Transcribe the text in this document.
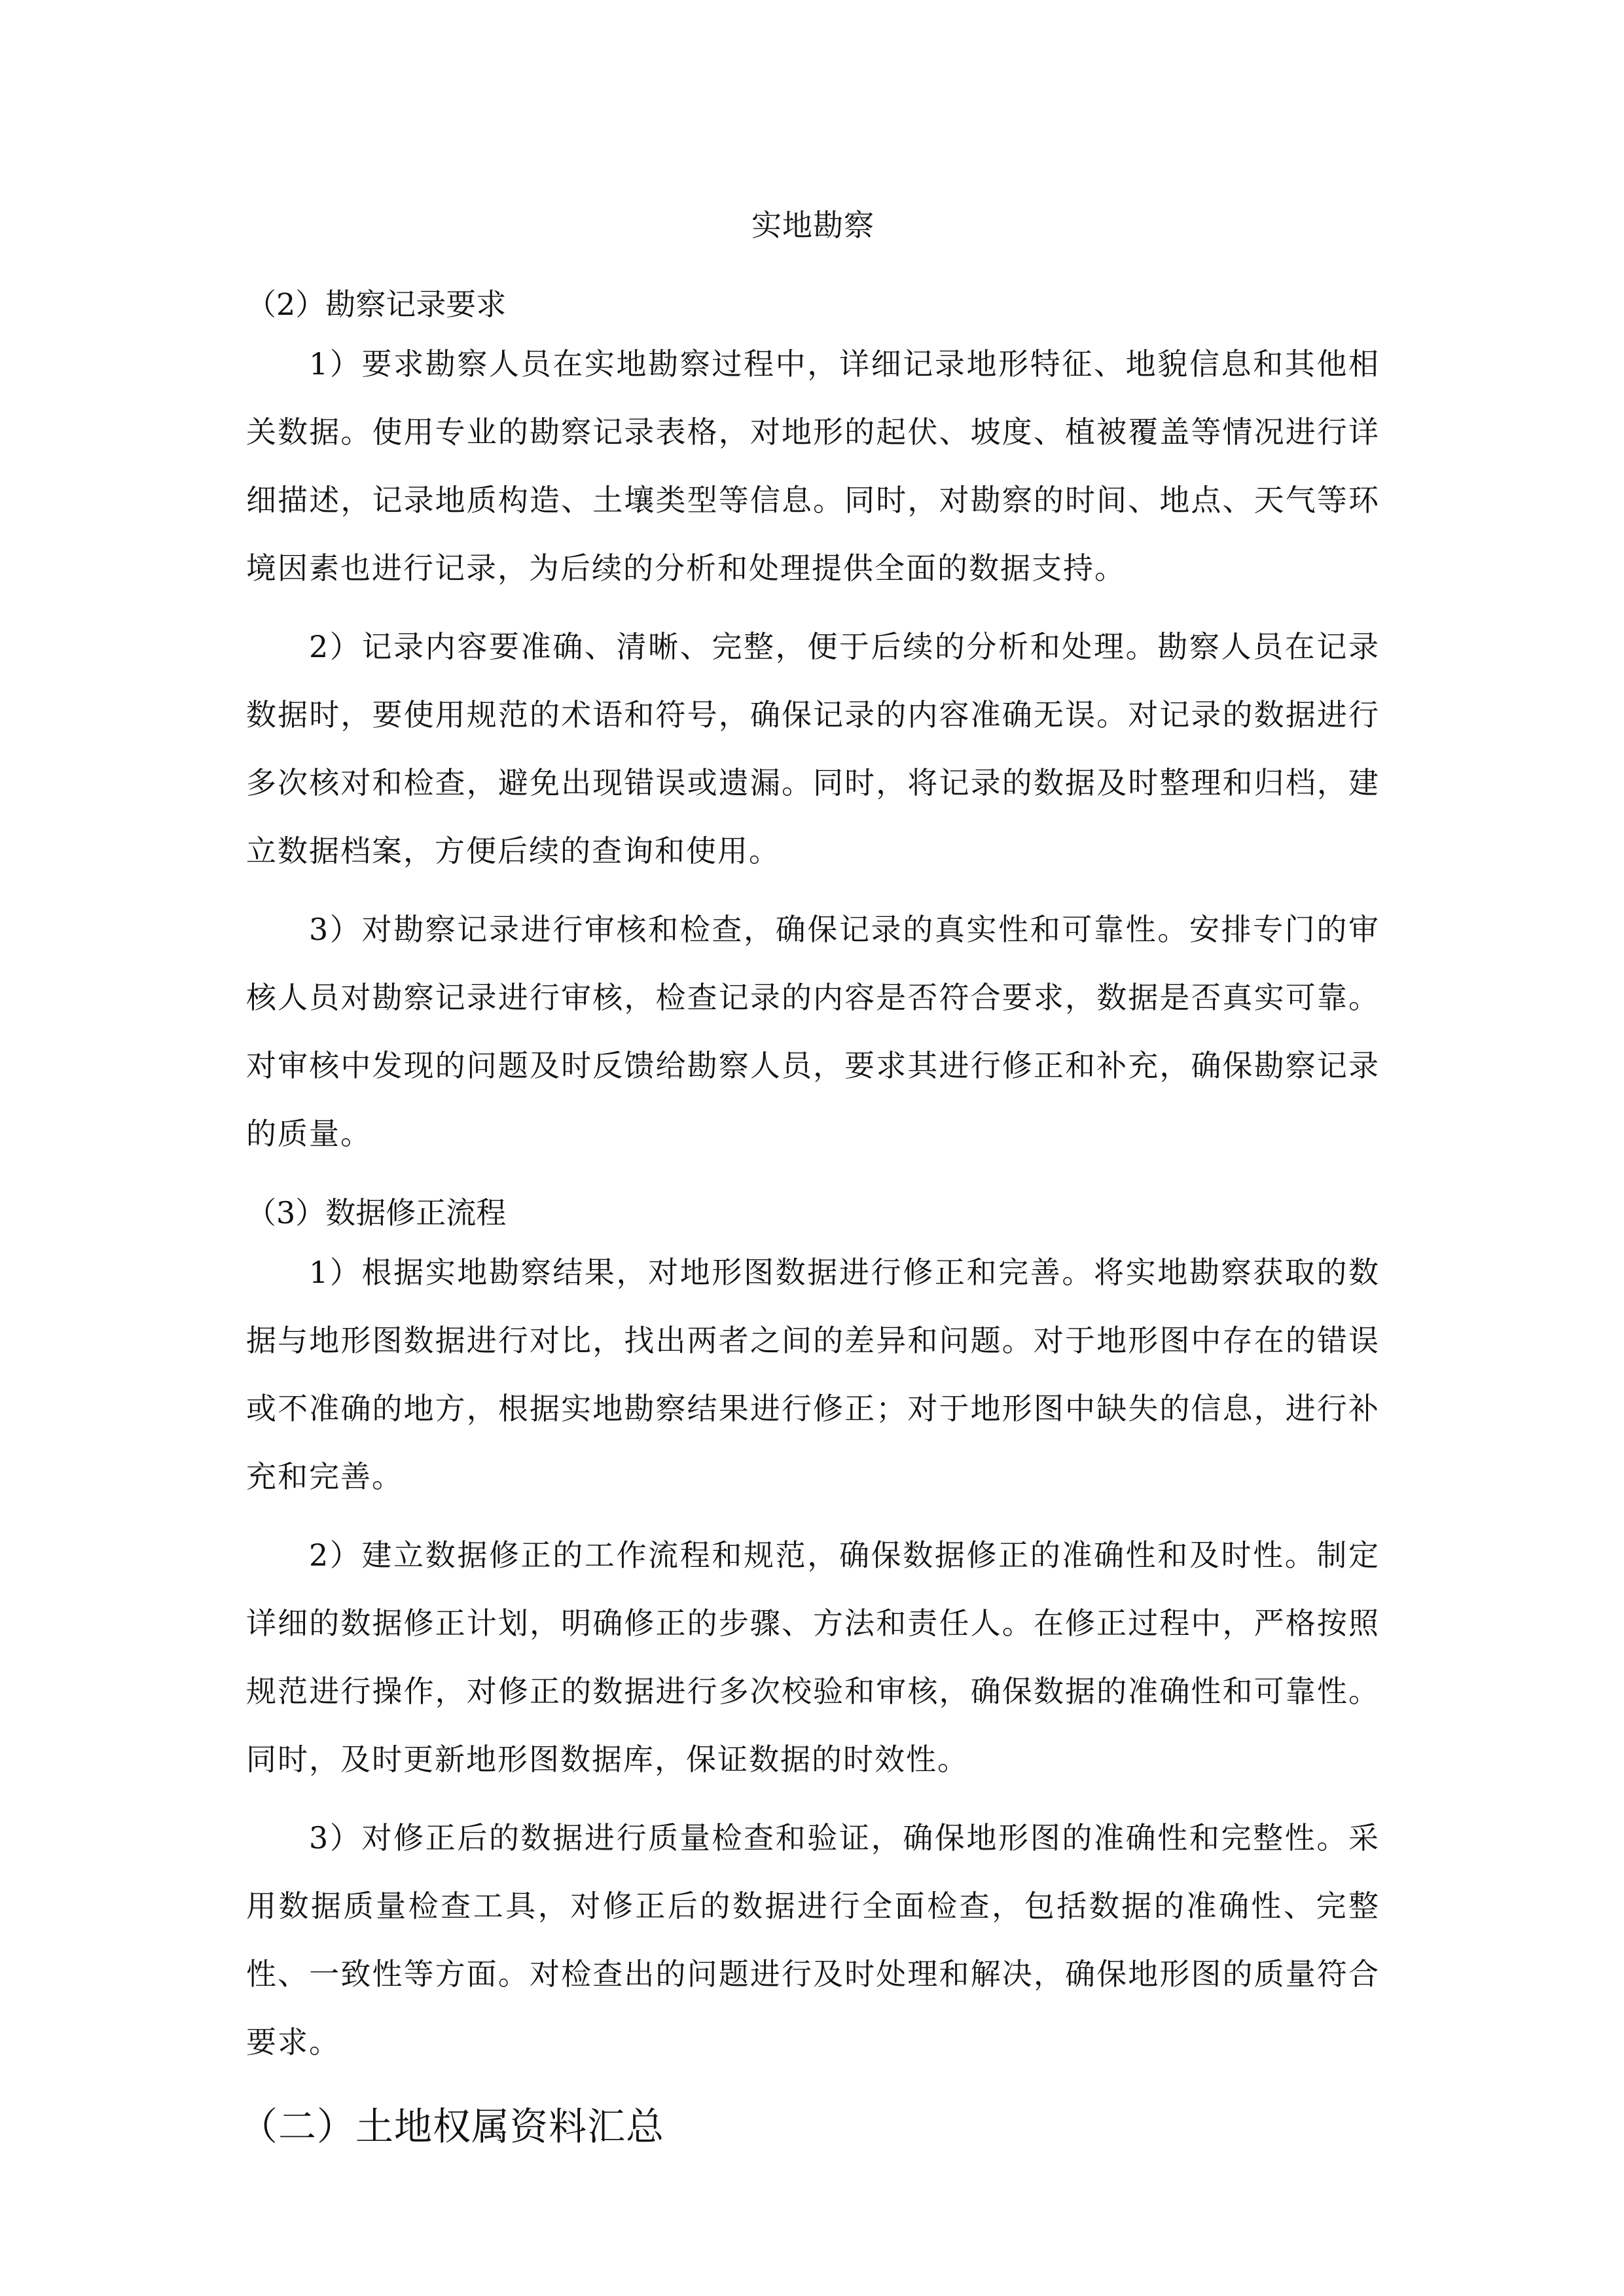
实地勘察
（2）勘察记录要求

1）要求勘察人员在实地勘察过程中，详细记录地形特征、地貌信息和其他相关数据。使用专业的勘察记录表格，对地形的起伏、坡度、植被覆盖等情况进行详细描述，记录地质构造、土壤类型等信息。同时，对勘察的时间、地点、天气等环境因素也进行记录，为后续的分析和处理提供全面的数据支持。

2）记录内容要准确、清晰、完整，便于后续的分析和处理。勘察人员在记录数据时，要使用规范的术语和符号，确保记录的内容准确无误。对记录的数据进行多次核对和检查，避免出现错误或遗漏。同时，将记录的数据及时整理和归档，建立数据档案，方便后续的查询和使用。

3）对勘察记录进行审核和检查，确保记录的真实性和可靠性。安排专门的审核人员对勘察记录进行审核，检查记录的内容是否符合要求，数据是否真实可靠。对审核中发现的问题及时反馈给勘察人员，要求其进行修正和补充，确保勘察记录的质量。

（3）数据修正流程

1）根据实地勘察结果，对地形图数据进行修正和完善。将实地勘察获取的数据与地形图数据进行对比，找出两者之间的差异和问题。对于地形图中存在的错误或不准确的地方，根据实地勘察结果进行修正；对于地形图中缺失的信息，进行补充和完善。

2）建立数据修正的工作流程和规范，确保数据修正的准确性和及时性。制定详细的数据修正计划，明确修正的步骤、方法和责任人。在修正过程中，严格按照规范进行操作，对修正的数据进行多次校验和审核，确保数据的准确性和可靠性。同时，及时更新地形图数据库，保证数据的时效性。

3）对修正后的数据进行质量检查和验证，确保地形图的准确性和完整性。采用数据质量检查工具，对修正后的数据进行全面检查，包括数据的准确性、完整性、一致性等方面。对检查出的问题进行及时处理和解决，确保地形图的质量符合要求。

（二）土地权属资料汇总
